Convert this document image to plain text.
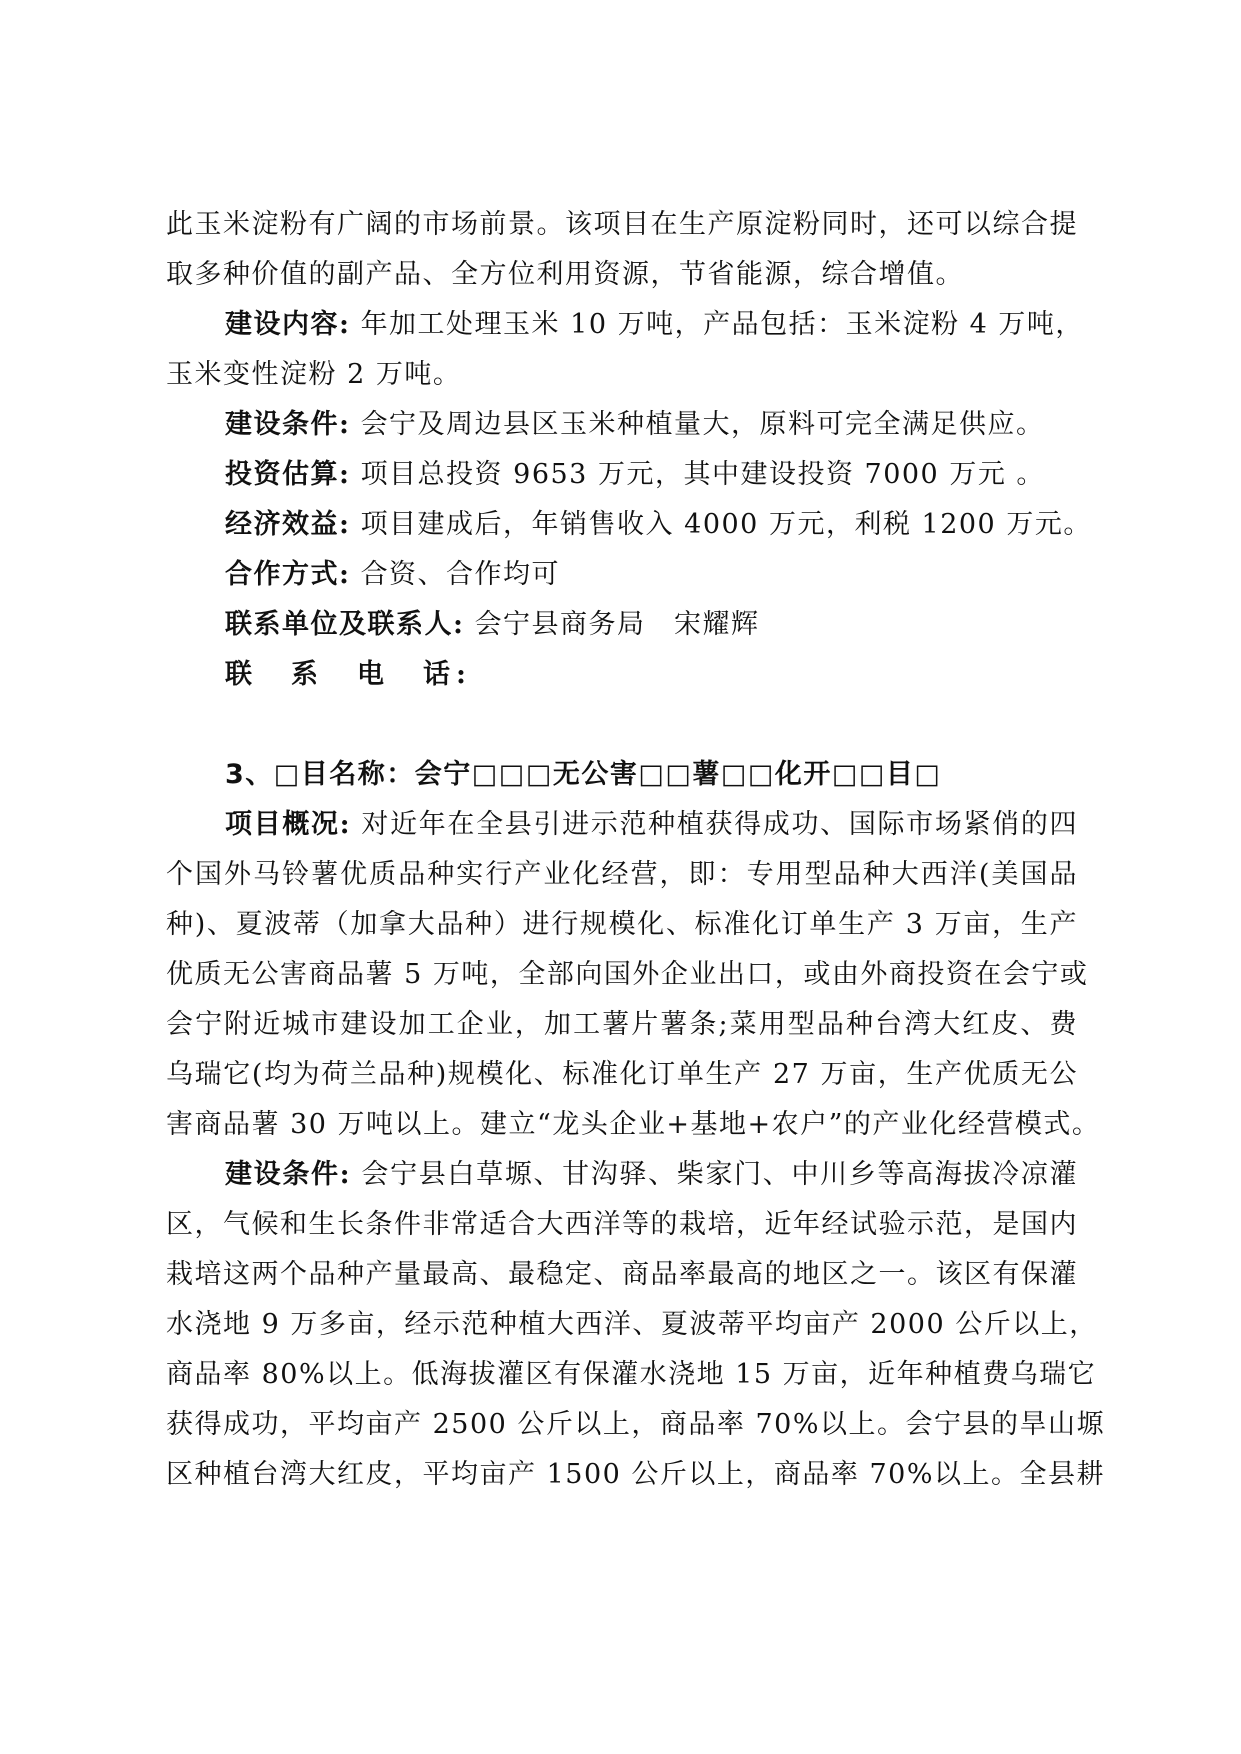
此玉米淀粉有广阔的市场前景。该项目在生产原淀粉同时，还可以综合提
取多种价值的副产品、全方位利用资源，节省能源，综合增值。
建设内容: 年加工处理玉米 10 万吨，产品包括：玉米淀粉 4 万吨，
玉米变性淀粉 2 万吨。
建设条件: 会宁及周边县区玉米种植量大，原料可完全满足供应。
投资估算: 项目总投资 9653 万元，其中建设投资 7000 万元 。
经济效益: 项目建成后，年销售收入 4000 万元，利税 1200 万元。
合作方式: 合资、合作均可
联系单位及联系人: 会宁县商务局　宋耀辉
联　系　电　话:
3、□目名称：会宁□□□无公害□□薯□□化开□□目□
项目概况: 对近年在全县引进示范种植获得成功、国际市场紧俏的四
个国外马铃薯优质品种实行产业化经营，即：专用型品种大西洋(美国品
种)、夏波蒂（加拿大品种）进行规模化、标准化订单生产 3 万亩，生产
优质无公害商品薯 5 万吨，全部向国外企业出口，或由外商投资在会宁或
会宁附近城市建设加工企业，加工薯片薯条;菜用型品种台湾大红皮、费
乌瑞它(均为荷兰品种)规模化、标准化订单生产 27 万亩，生产优质无公
害商品薯 30 万吨以上。建立“龙头企业+基地+农户”的产业化经营模式。
建设条件: 会宁县白草塬、甘沟驿、柴家门、中川乡等高海拔冷凉灌
区，气候和生长条件非常适合大西洋等的栽培，近年经试验示范，是国内
栽培这两个品种产量最高、最稳定、商品率最高的地区之一。该区有保灌
水浇地 9 万多亩，经示范种植大西洋、夏波蒂平均亩产 2000 公斤以上，
商品率 80%以上。低海拔灌区有保灌水浇地 15 万亩，近年种植费乌瑞它
获得成功，平均亩产 2500 公斤以上，商品率 70%以上。会宁县的旱山塬
区种植台湾大红皮，平均亩产 1500 公斤以上，商品率 70%以上。全县耕
